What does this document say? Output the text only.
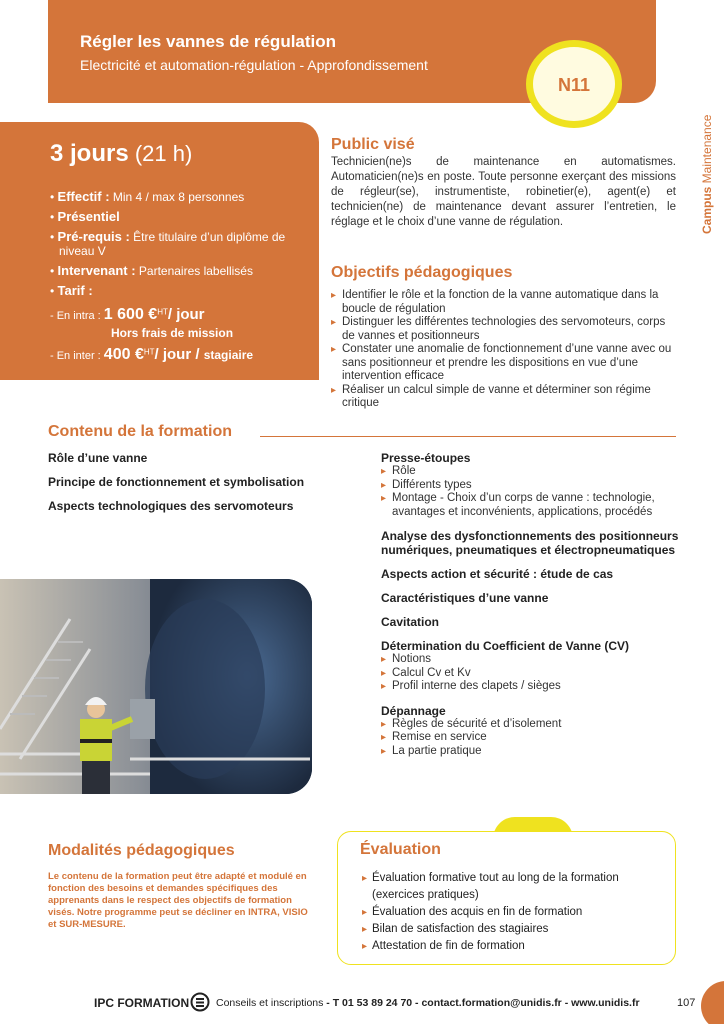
Régler les vannes de régulation
Electricité et automation-régulation - Approfondissement
N11
Campus Maintenance
3 jours (21 h)
• Effectif : Min 4 / max 8 personnes
• Présentiel
• Pré-requis : Être titulaire d’un diplôme de niveau V
• Intervenant : Partenaires labellisés
• Tarif :
- En intra : 1 600 €$^{HT}$/ jour
Hors frais de mission
- En inter : 400 €$^{HT}$/ jour / stagiaire
Public visé
Technicien(ne)s de maintenance en automatismes. Automaticien(ne)s en poste. Toute personne exerçant des missions de régleur(se), instrumentiste, robinetier(e), agent(e) et technicien(ne) de maintenance devant assurer l’entretien, le réglage et le choix d’une vanne de régulation.
Objectifs pédagogiques
▸ Identifier le rôle et la fonction de la vanne automatique dans la boucle de régulation
▸ Distinguer les différentes technologies des servomoteurs, corps de vannes et positionneurs
▸ Constater une anomalie de fonctionnement d’une vanne avec ou sans positionneur et prendre les dispositions en vue d’une intervention efficace
▸ Réaliser un calcul simple de vanne et déterminer son régime critique
Contenu de la formation
Rôle d’une vanne
Principe de fonctionnement et symbolisation
Aspects technologiques des servomoteurs
Presse-étoupes
▸ Rôle
▸ Différents types
▸ Montage - Choix d’un corps de vanne : technologie, avantages et inconvénients, applications, procédés
Analyse des dysfonctionnements des positionneurs numériques, pneumatiques et électropneumatiques
Aspects action et sécurité : étude de cas
Caractéristiques d’une vanne
Cavitation
Détermination du Coefficient de Vanne (CV)
▸ Notions
▸ Calcul Cv et Kv
▸ Profil interne des clapets / sièges
Dépannage
▸ Règles de sécurité et d’isolement
▸ Remise en service
▸ La partie pratique
Modalités pédagogiques
Le contenu de la formation peut être adapté et modulé en fonction des besoins et demandes spécifiques des apprenants dans le respect des objectifs de formation visés. Notre programme peut se décliner en INTRA, VISIO et SUR-MESURE.
Évaluation
▸ Évaluation formative tout au long de la formation (exercices pratiques)
▸ Évaluation des acquis en fin de formation
▸ Bilan de satisfaction des stagiaires
▸ Attestation de fin de formation
IPC FORMATION	Conseils et inscriptions - T 01 53 89 24 70 - contact.formation@unidis.fr - www.unidis.fr	107
